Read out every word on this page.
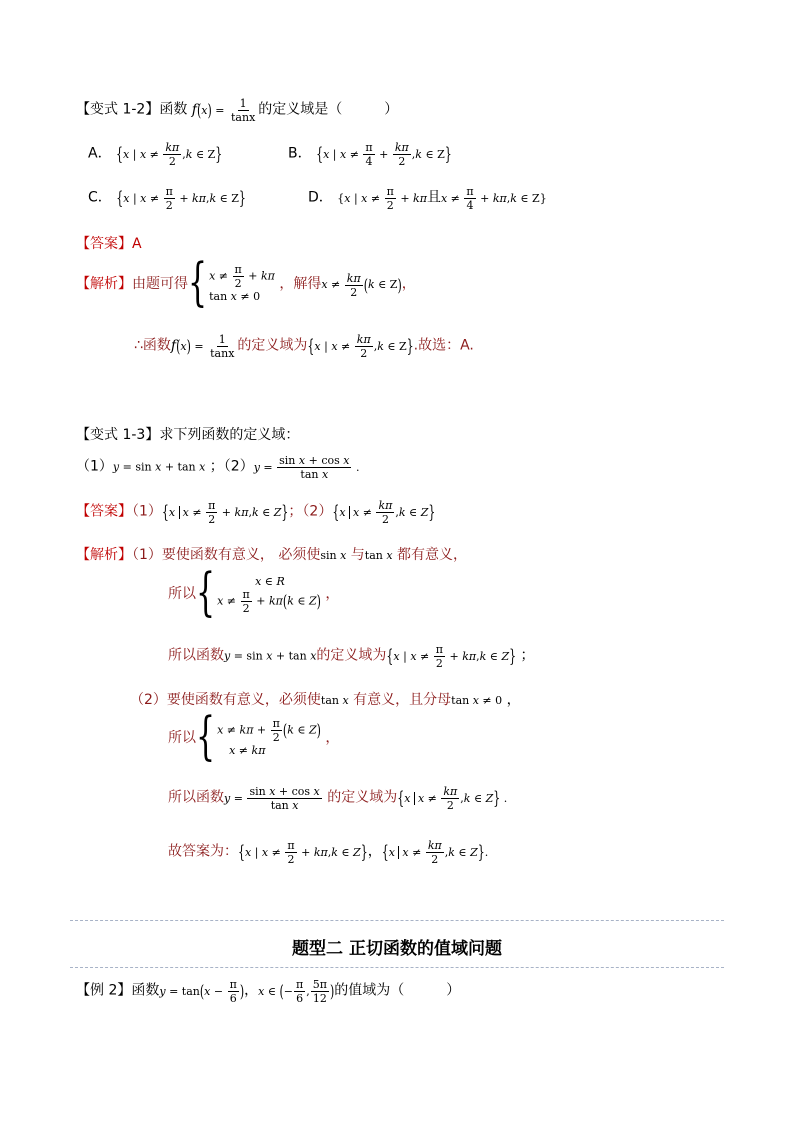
【变式 1-2】函数 $f(x) = \frac{1}{\tan x}$ 的定义域是（　　　）
A． {x | $x \ne \frac{k\pi}{2} ,k$ ∈ Z}	B． {x | $x \ne \frac{\pi}{4} + \frac{k\pi}{2} ,k$ ∈ Z}
C． {x | $x \ne \frac{\pi}{2} + k\pi,k$ ∈ Z}	D． {x | $x \ne \frac{\pi}{2} + k\pi$且$x \ne \frac{\pi}{4} + k\pi,k$ ∈ Z}
【答案】A
【解析】由题可得 { $x \ne \frac{\pi}{2} + k\pi$
tan x ≠ 0
，解得$x \ne \frac{k\pi}{2} (k$ ∈ Z)，
∴函数$f(x) = \frac{1}{\tan x}$ 的定义域为{x | $x \ne \frac{k\pi}{2} ,k$ ∈ Z}.故选：A.
【变式 1-3】求下列函数的定义域：
（1）y = sin x + tan x ；$(2)y = \frac{\text{sin x + cos x}}{\text{tan x}}$ .
【答案】（1）{x $x \ne \frac{\pi}{2} + k\pi,k$ ∈ Z}；（2）{x $x \ne \frac{k\pi}{2} ,k$ ∈ Z}
【解析】（1）要使函数有意义， 必须使sin x 与tan x 都有意义，
所以 {	x ∈ R
$x \ne \frac{\pi}{2} + k\pi(k$ ∈ Z) ，
所以函数y = sin x + tan x的定义域为{x | $x \ne \frac{\pi}{2} + k\pi,k$ ∈ Z} ；
（2）要使函数有意义，必须使tan x 有意义，且分母tan x ≠ 0 ，
所以 { $x \ne k\pi + \frac{\pi}{2} (k$ ∈ Z)
x ≠ kπ
，
所以函数$y = \frac{\text{sin x + cos x}}{\text{tan x}}$ 的定义域为{x $x \ne \frac{k\pi}{2} ,k$ ∈ Z} .
故答案为：{x | $x \ne \frac{\pi}{2} + k\pi,k$ ∈ Z}，{x $x \ne \frac{k\pi}{2} ,k$ ∈ Z}.
题型二 正切函数的值域问题
【例 2】函数$y = \tan(x - \frac{\pi}{6}$ )，x ∈ (− $\frac{\pi}{6}$ , $\frac{5\pi}{12}$ )的值域为（　　　）
